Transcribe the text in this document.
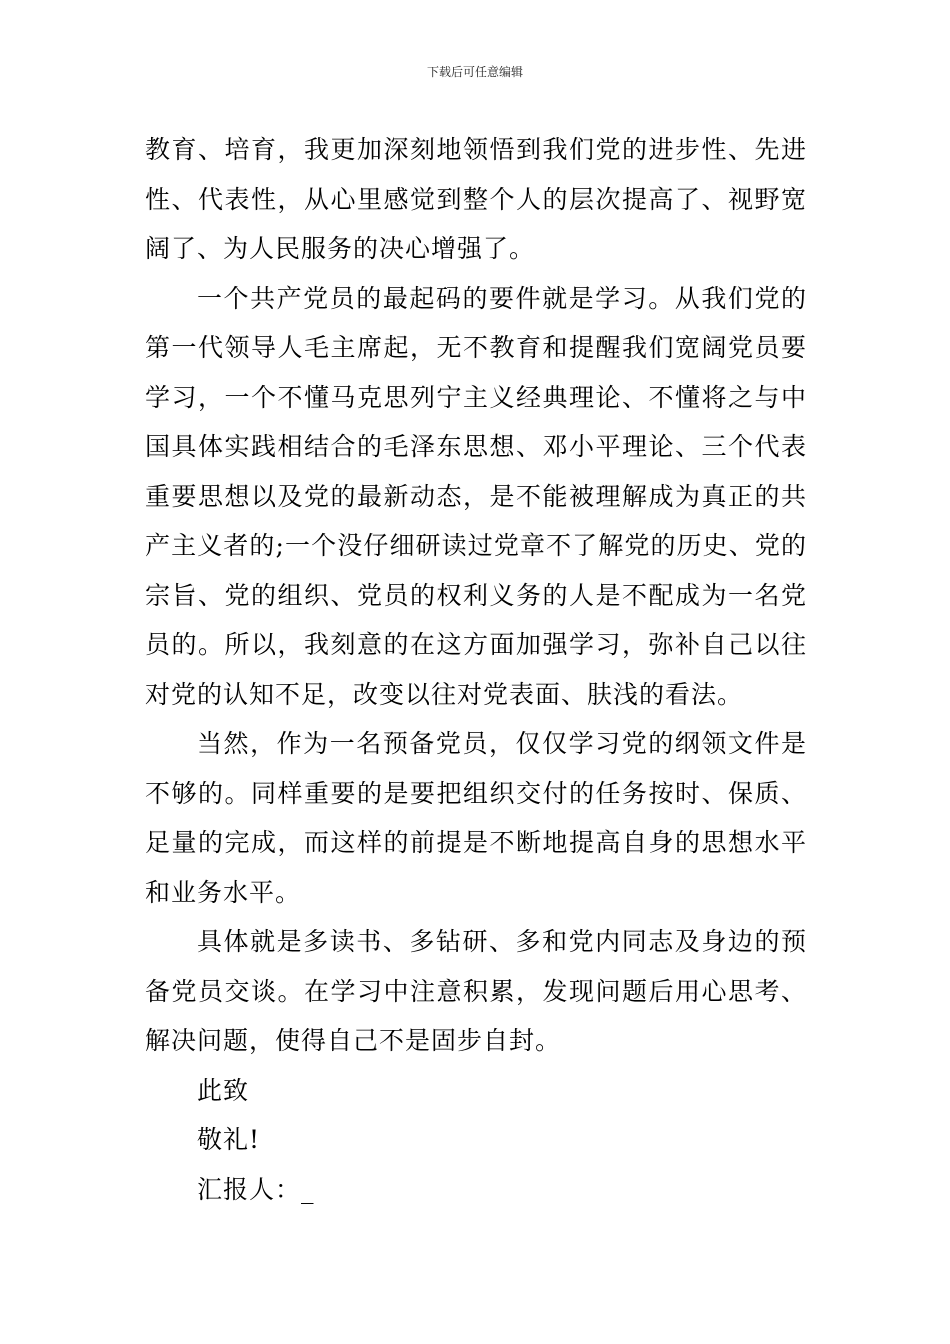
下载后可任意编辑

教育、培育，我更加深刻地领悟到我们党的进步性、先进性、代表性，从心里感觉到整个人的层次提高了、视野宽阔了、为人民服务的决心增强了。

一个共产党员的最起码的要件就是学习。从我们党的第一代领导人毛主席起，无不教育和提醒我们宽阔党员要学习，一个不懂马克思列宁主义经典理论、不懂将之与中国具体实践相结合的毛泽东思想、邓小平理论、三个代表重要思想以及党的最新动态，是不能被理解成为真正的共产主义者的;一个没仔细研读过党章不了解党的历史、党的宗旨、党的组织、党员的权利义务的人是不配成为一名党员的。所以，我刻意的在这方面加强学习，弥补自己以往对党的认知不足，改变以往对党表面、肤浅的看法。

当然，作为一名预备党员，仅仅学习党的纲领文件是不够的。同样重要的是要把组织交付的任务按时、保质、足量的完成，而这样的前提是不断地提高自身的思想水平和业务水平。

具体就是多读书、多钻研、多和党内同志及身边的预备党员交谈。在学习中注意积累，发现问题后用心思考、解决问题，使得自己不是固步自封。

此致

敬礼!

汇报人：_
